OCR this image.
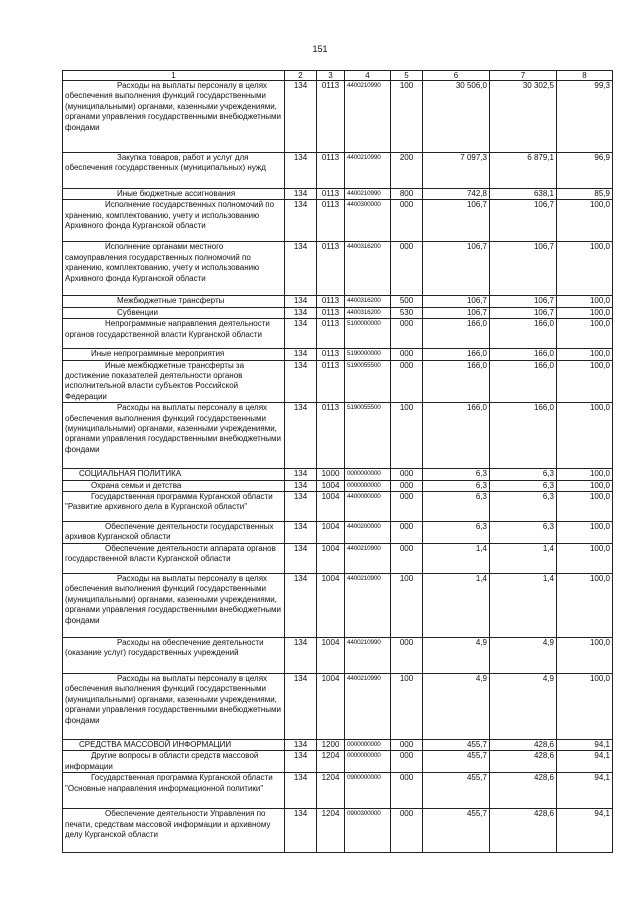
151
1	2	3	4	5	6	7	8

Расходы на выплаты персоналу в целях обеспечения выполнения функций государственными (муниципальными) органами, казенными учреждениями, органами управления государственными внебюджетными фондами	134	0113	4400210990	100	30 506,0	30 302,5	99,3

Закупка товаров, работ и услуг для обеспечения государственных (муниципальных) нужд	134	0113	4400210990	200	7 097,3	6 879,1	96,9

Иные бюджетные ассигнования	134	0113	4400210990	800	742,8	638,1	85,9

Исполнение государственных полномочий по хранению, комплектованию, учету и использованию Архивного фонда Курганской области	134	0113	4400300000	000	106,7	106,7	100,0

Исполнение органами местного самоуправления государственных полномочий по хранению, комплектованию, учету и использованию Архивного фонда Курганской области	134	0113	4400316200	000	106,7	106,7	100,0

Межбюджетные трансферты	134	0113	4400316200	500	106,7	106,7	100,0

Субвенции	134	0113	4400316200	530	106,7	106,7	100,0

Непрограммные направления деятельности органов государственной власти Курганской области	134	0113	5100000000	000	166,0	166,0	100,0

Иные непрограммные мероприятия	134	0113	5190000000	000	166,0	166,0	100,0

Иные межбюджетные трансферты за достижение показателей деятельности органов исполнительной власти субъектов Российской Федерации	134	0113	5190055500	000	166,0	166,0	100,0

Расходы на выплаты персоналу в целях обеспечения выполнения функций государственными (муниципальными) органами, казенными учреждениями, органами управления государственными внебюджетными фондами	134	0113	5190055500	100	166,0	166,0	100,0

СОЦИАЛЬНАЯ ПОЛИТИКА	134	1000	0000000000	000	6,3	6,3	100,0

Охрана семьи и детства	134	1004	0000000000	000	6,3	6,3	100,0

Государственная программа Курганской области "Развитие архивного дела в Курганской области"	134	1004	4400000000	000	6,3	6,3	100,0

Обеспечение деятельности государственных архивов Курганской области	134	1004	4400200000	000	6,3	6,3	100,0

Обеспечение деятельности аппарата органов государственной власти Курганской области	134	1004	4400210900	000	1,4	1,4	100,0

Расходы на выплаты персоналу в целях обеспечения выполнения функций государственными (муниципальными) органами, казенными учреждениями, органами управления государственными внебюджетными фондами	134	1004	4400210900	100	1,4	1,4	100,0

Расходы на обеспечение деятельности (оказание услуг) государственных учреждений	134	1004	4400210990	000	4,9	4,9	100,0

Расходы на выплаты персоналу в целях обеспечения выполнения функций государственными (муниципальными) органами, казенными учреждениями, органами управления государственными внебюджетными фондами	134	1004	4400210990	100	4,9	4,9	100,0

СРЕДСТВА МАССОВОЙ ИНФОРМАЦИИ	134	1200	0000000000	000	455,7	428,6	94,1

Другие вопросы в области средств массовой информации	134	1204	0000000000	000	455,7	428,6	94,1

Государственная программа Курганской области "Основные направления информационной политики"	134	1204	0900000000	000	455,7	428,6	94,1

Обеспечение деятельности Управления по печати, средствам массовой информации и архивному делу Курганской области	134	1204	0900300000	000	455,7	428,6	94,1
